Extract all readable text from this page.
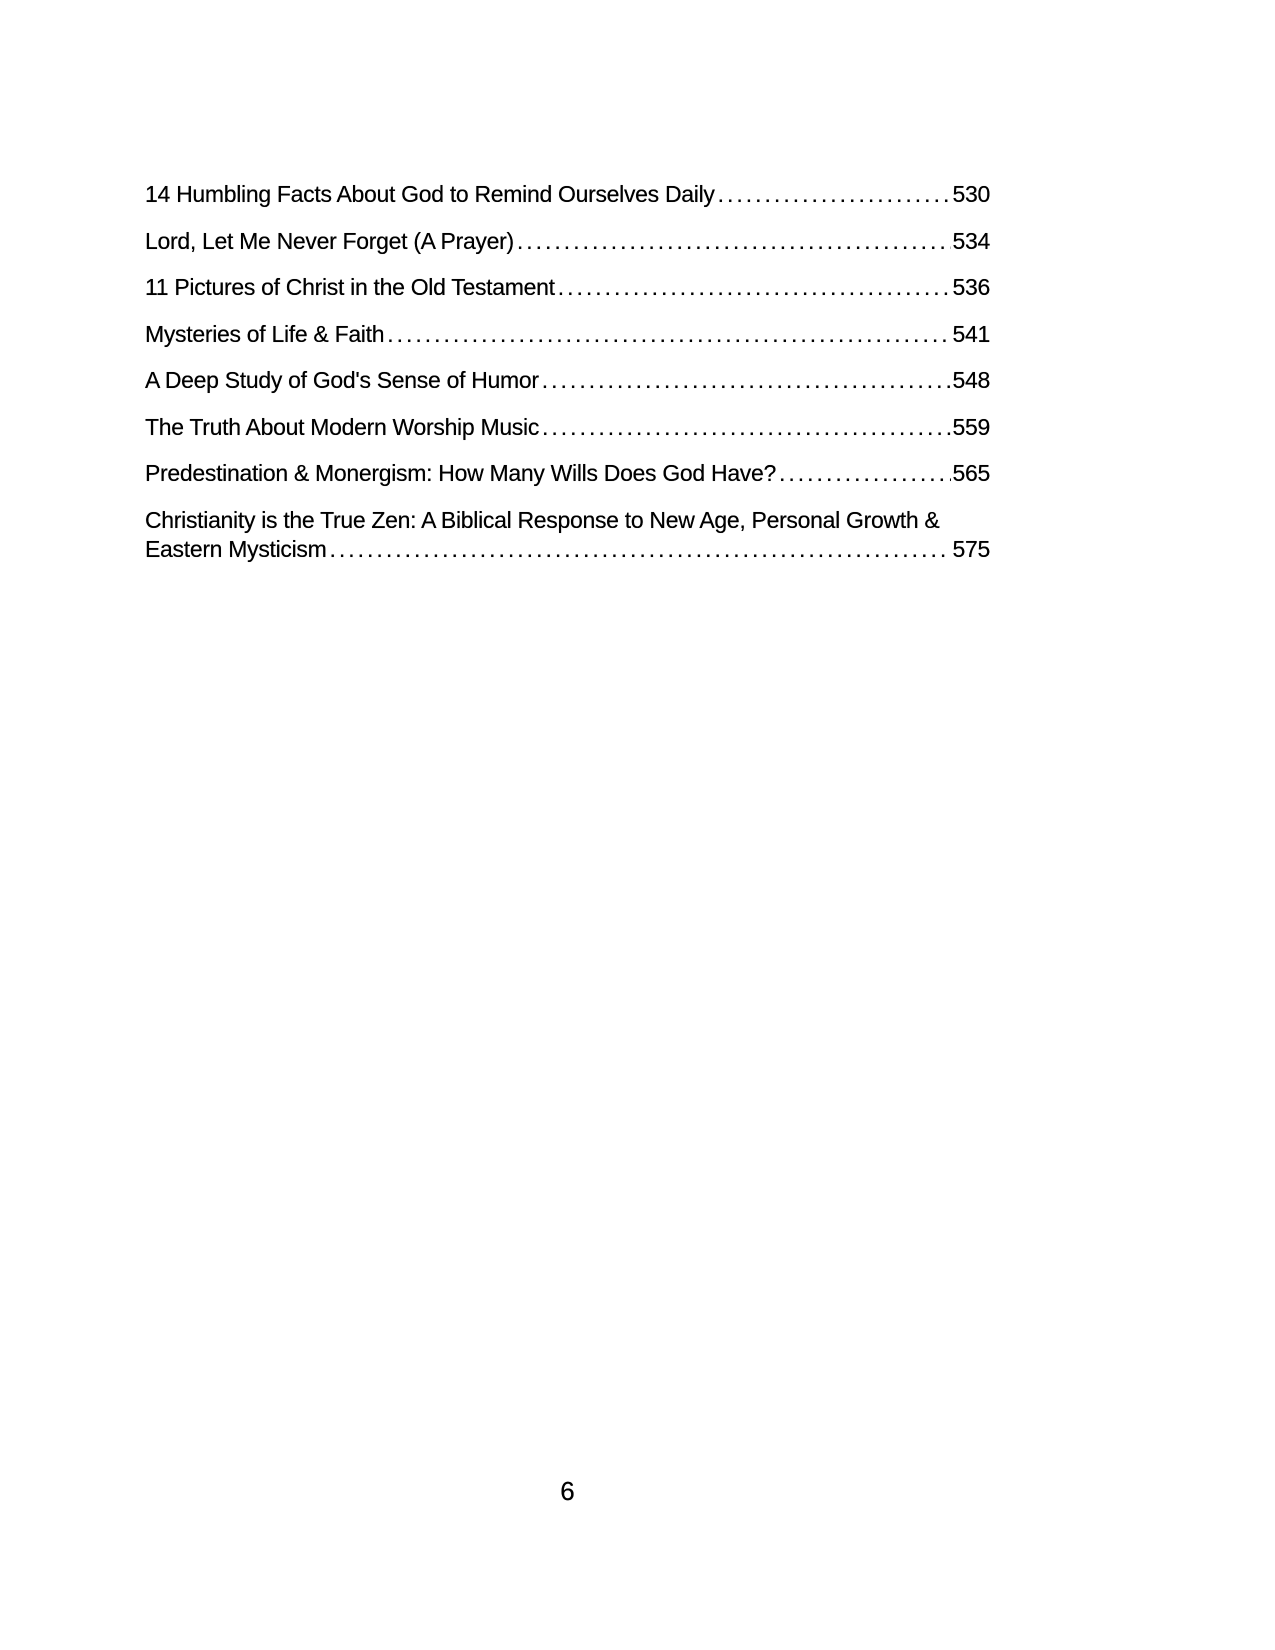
14 Humbling Facts About God to Remind Ourselves Daily .....	530
Lord, Let Me Never Forget (A Prayer) .....	534
11 Pictures of Christ in the Old Testament .....	536
Mysteries of Life & Faith .....	541
A Deep Study of God's Sense of Humor .....	548
The Truth About Modern Worship Music .....	559
Predestination & Monergism: How Many Wills Does God Have? .....	565
Christianity is the True Zen: A Biblical Response to New Age, Personal Growth &
Eastern Mysticism .....	575
6
